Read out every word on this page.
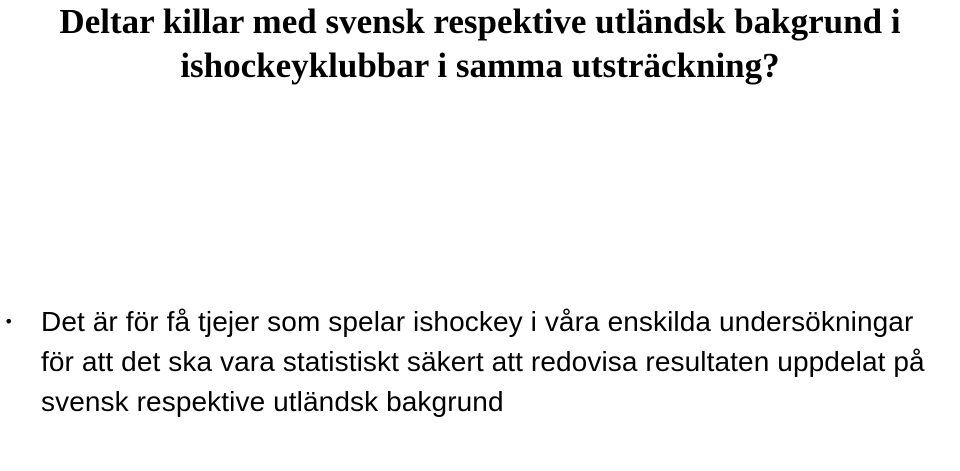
Deltar killar med svensk respektive utländsk bakgrund i ishockeyklubbar i samma utsträckning?
• Det är för få tjejer som spelar ishockey i våra enskilda undersökningar för att det ska vara statistiskt säkert att redovisa resultaten uppdelat på svensk respektive utländsk bakgrund
